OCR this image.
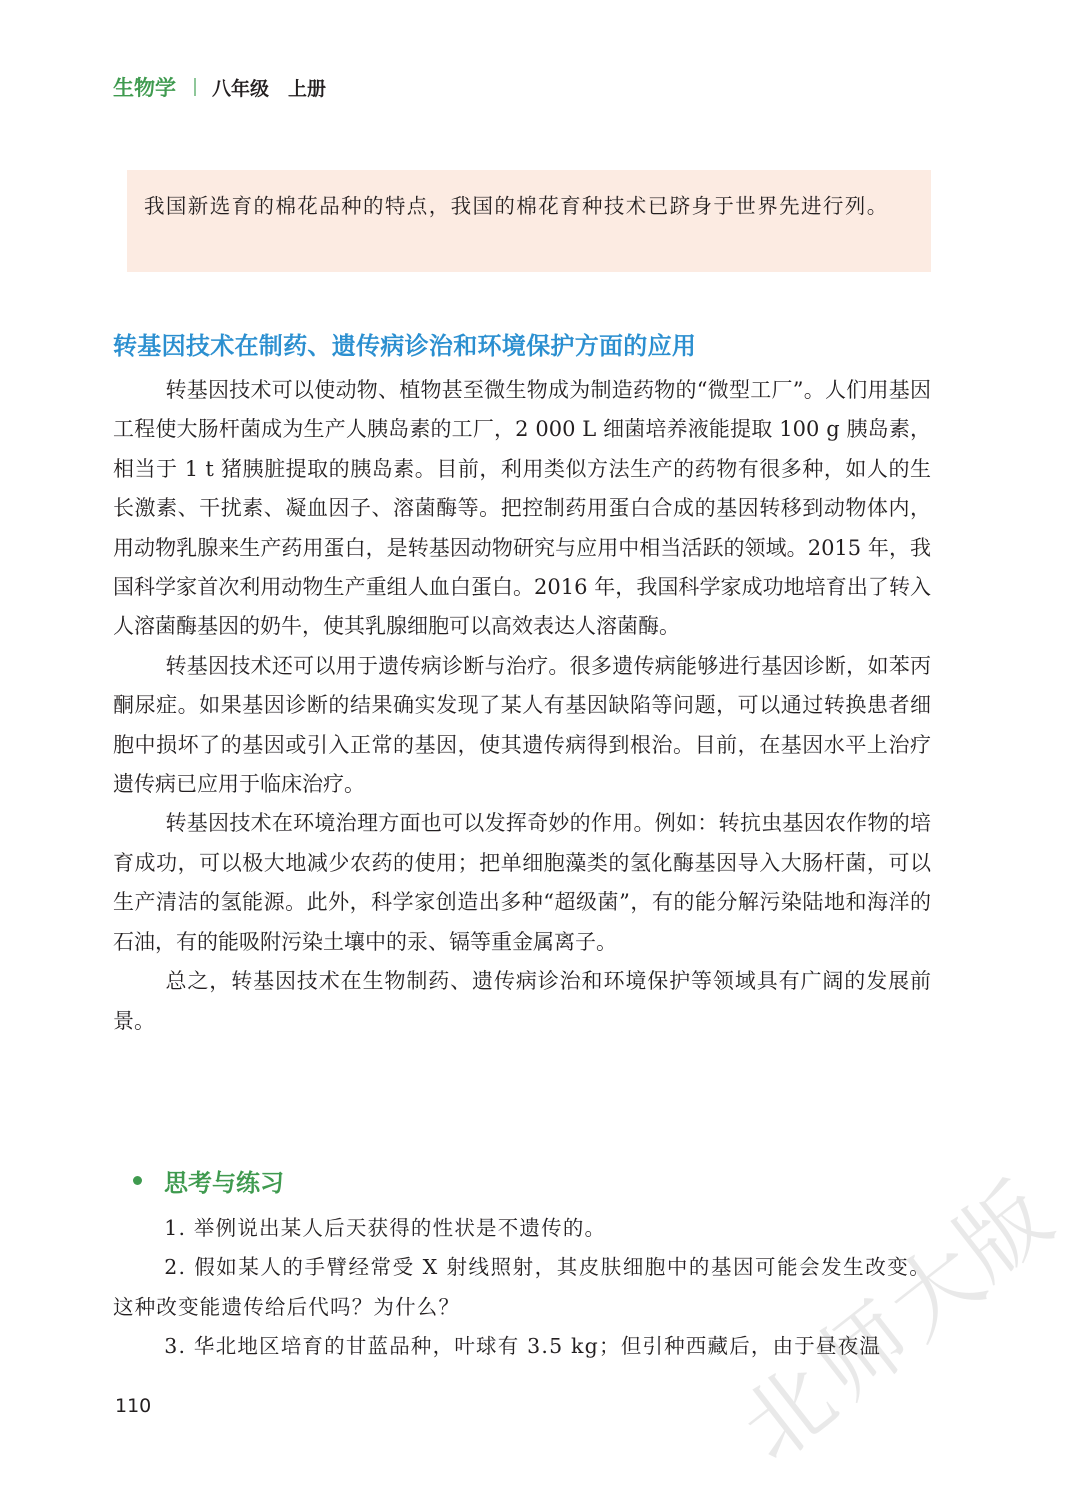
生物学 八年级　上册
我国新选育的棉花品种的特点，我国的棉花育种技术已跻身于世界先进行列。
转基因技术在制药、遗传病诊治和环境保护方面的应用

转基因技术可以使动物、植物甚至微生物成为制造药物的“微型工厂”。人们用基因工程使大肠杆菌成为生产人胰岛素的工厂，2 000 L 细菌培养液能提取 100 g 胰岛素，相当于 1 t 猪胰脏提取的胰岛素。目前，利用类似方法生产的药物有很多种，如人的生长激素、干扰素、凝血因子、溶菌酶等。把控制药用蛋白合成的基因转移到动物体内，用动物乳腺来生产药用蛋白，是转基因动物研究与应用中相当活跃的领域。2015 年，我国科学家首次利用动物生产重组人血白蛋白。2016 年，我国科学家成功地培育出了转入人溶菌酶基因的奶牛，使其乳腺细胞可以高效表达人溶菌酶。

转基因技术还可以用于遗传病诊断与治疗。很多遗传病能够进行基因诊断，如苯丙酮尿症。如果基因诊断的结果确实发现了某人有基因缺陷等问题，可以通过转换患者细胞中损坏了的基因或引入正常的基因，使其遗传病得到根治。目前，在基因水平上治疗遗传病已应用于临床治疗。

转基因技术在环境治理方面也可以发挥奇妙的作用。例如：转抗虫基因农作物的培育成功，可以极大地减少农药的使用；把单细胞藻类的氢化酶基因导入大肠杆菌，可以生产清洁的氢能源。此外，科学家创造出多种“超级菌”，有的能分解污染陆地和海洋的石油，有的能吸附污染土壤中的汞、镉等重金属离子。

总之，转基因技术在生物制药、遗传病诊治和环境保护等领域具有广阔的发展前景。

思考与练习

1. 举例说出某人后天获得的性状是不遗传的。

2. 假如某人的手臂经常受 X 射线照射，其皮肤细胞中的基因可能会发生改变。这种改变能遗传给后代吗？为什么？

3. 华北地区培育的甘蓝品种，叶球有 3.5 kg；但引种西藏后，由于昼夜温

110	北
师
大
版
